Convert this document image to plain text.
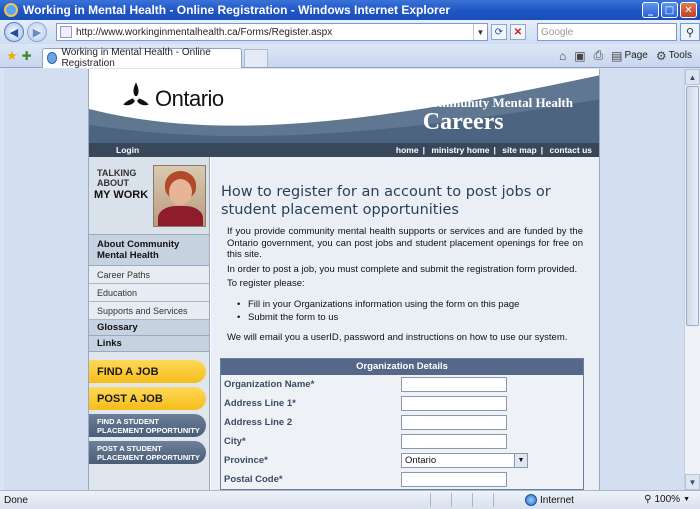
Working in Mental Health - Online Registration - Windows Internet Explorer	_	□	✕
◀ ▶	http://www.workinginmentalhealth.ca/Forms/Register.aspx	▼ ⟳ ✕	Google	⚲
★ ✚	Working in Mental Health - Online Registration
⌂ ▣ ⎙ ▤ Page ⚙ Tools
Ontario	Community Mental Health
Careers
Login	home | ministry home | site map | contact us
TALKING
ABOUT
MY WORK
About Community Mental Health
Career Paths
Education
Supports and Services
Glossary
Links
FIND A JOB
POST A JOB
FIND A STUDENT
PLACEMENT OPPORTUNITY
POST A STUDENT
PLACEMENT OPPORTUNITY
How to register for an account to post jobs or student placement opportunities

If you provide community mental health supports or services and are funded by the Ontario government, you can post jobs and student placement openings for free on this site.

In order to post a job, you must complete and submit the registration form provided.

To register please:

• Fill in your Organizations information using the form on this page
• Submit the form to us

We will email you a userID, password and instructions on how to use our system.

Organization Details
Organization Name*
Address Line 1*
Address Line 2
City*
Province*	Ontario	▼
Postal Code*
▲
▼
Done	Internet	⚲ 100% ▼
